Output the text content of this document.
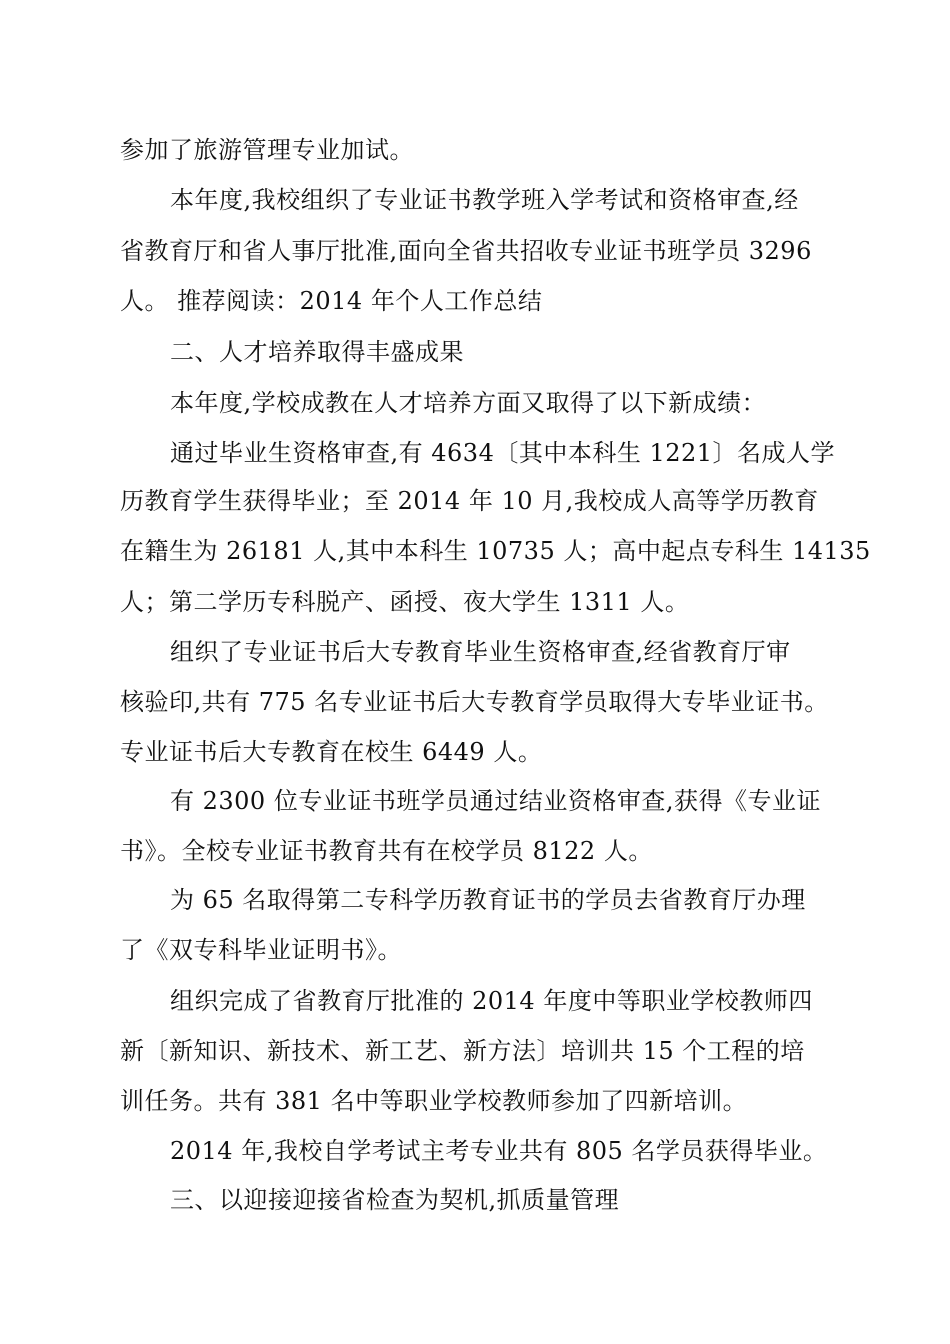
参加了旅游管理专业加试。
本年度,我校组织了专业证书教学班入学考试和资格审查,经
省教育厅和省人事厅批准,面向全省共招收专业证书班学员 3296
人。 推荐阅读：2014 年个人工作总结
二、人才培养取得丰盛成果
本年度,学校成教在人才培养方面又取得了以下新成绩：
通过毕业生资格审查,有 4634〔其中本科生 1221〕名成人学
历教育学生获得毕业；至 2014 年 10 月,我校成人高等学历教育
在籍生为 26181 人,其中本科生 10735 人；高中起点专科生 14135
人；第二学历专科脱产、函授、夜大学生 1311 人。
组织了专业证书后大专教育毕业生资格审查,经省教育厅审
核验印,共有 775 名专业证书后大专教育学员取得大专毕业证书。
专业证书后大专教育在校生 6449 人。
有 2300 位专业证书班学员通过结业资格审查,获得《专业证
书》。全校专业证书教育共有在校学员 8122 人。
为 65 名取得第二专科学历教育证书的学员去省教育厅办理
了《双专科毕业证明书》。
组织完成了省教育厅批准的 2014 年度中等职业学校教师四
新〔新知识、新技术、新工艺、新方法〕培训共 15 个工程的培
训任务。共有 381 名中等职业学校教师参加了四新培训。
2014 年,我校自学考试主考专业共有 805 名学员获得毕业。
三、以迎接迎接省检查为契机,抓质量管理
